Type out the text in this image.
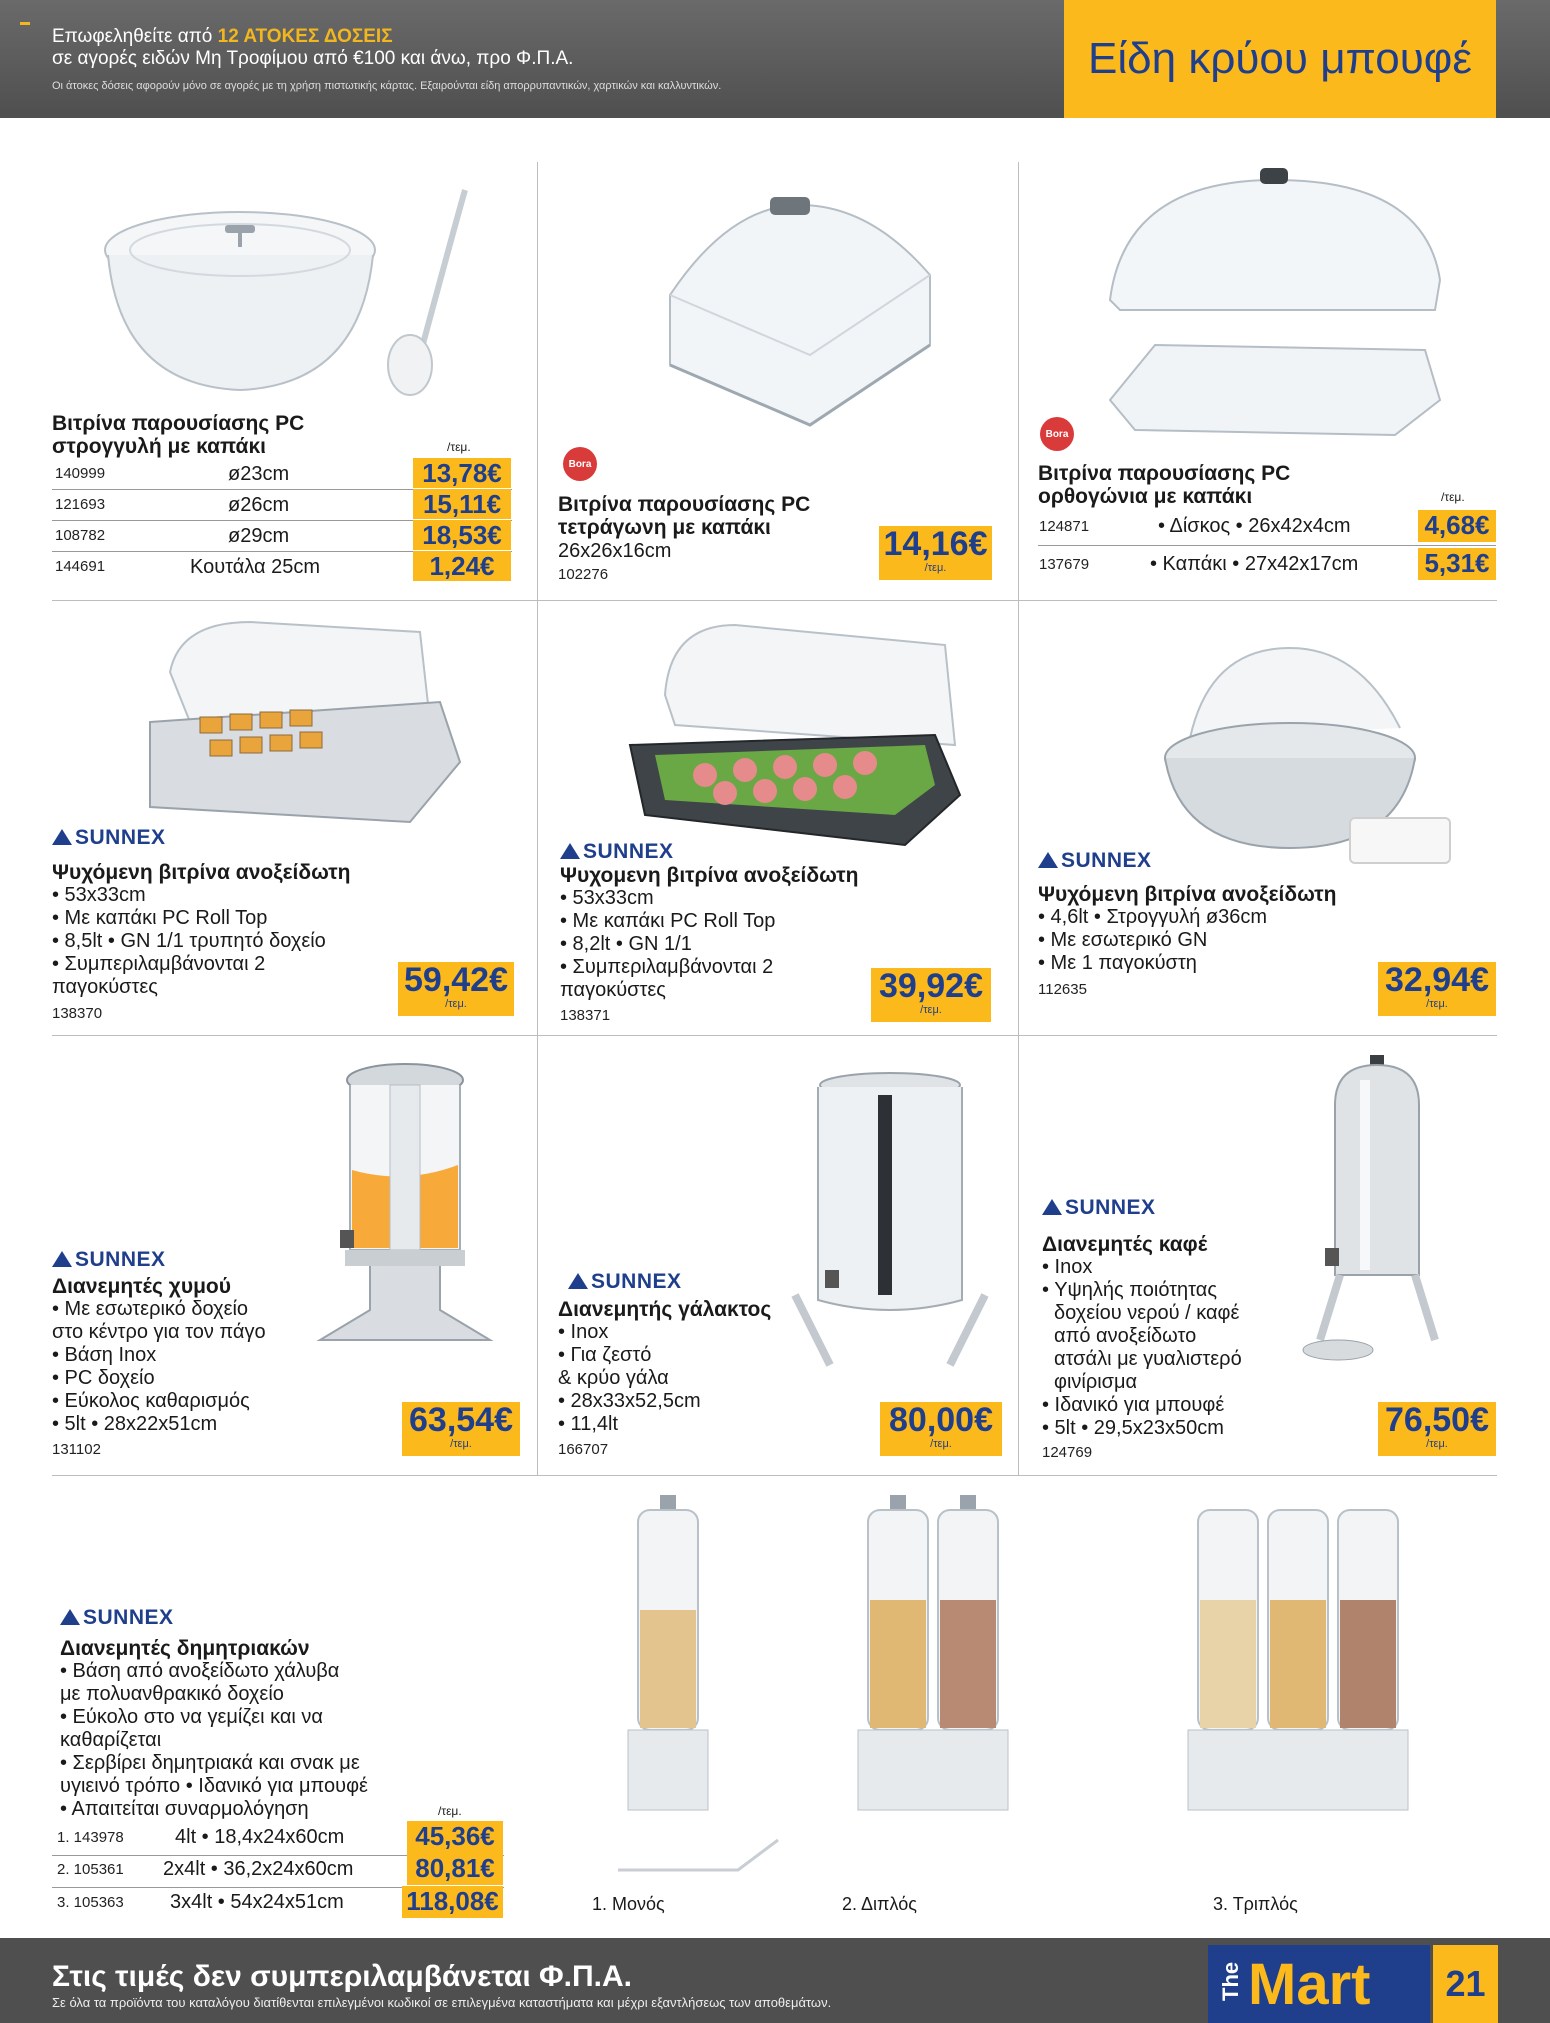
Επωφεληθείτε από 12 ΑΤΟΚΕΣ ΔΟΣΕΙΣ
σε αγορές ειδών Μη Τροφίμου από €100 και άνω, προ Φ.Π.Α.
Οι άτοκες δόσεις αφορούν μόνο σε αγορές με τη χρήση πιστωτικής κάρτας. Εξαιρούνται είδη απορρυπαντικών, χαρτικών και καλλυντικών.
Είδη κρύου μπουφέ
Βιτρίνα παρουσίασης PC
στρογγυλή με καπάκι	/τεμ.
140999	ø23cm	13,78€
121693	ø26cm	15,11€
108782	ø29cm	18,53€
144691	Κουτάλα 25cm	1,24€
Bora
Βιτρίνα παρουσίασης PC
τετράγωνη με καπάκι
26x26x16cm
102276
14,16€
/τεμ.
Bora
Βιτρίνα παρουσίασης PC
ορθογώνια με καπάκι	/τεμ.
124871	• Δίσκος • 26x42x4cm	4,68€
137679	• Καπάκι • 27x42x17cm	5,31€
SUNNEX
Ψυχόμενη βιτρίνα ανοξείδωτη
• 53x33cm
• Με καπάκι PC Roll Top
• 8,5lt • GN 1/1 τρυπητό δοχείο
• Συμπεριλαμβάνονται 2
παγοκύστες
138370
59,42€
/τεμ.
SUNNEX
Ψυχομενη βιτρίνα ανοξείδωτη
• 53x33cm
• Με καπάκι PC Roll Top
• 8,2lt • GN 1/1
• Συμπεριλαμβάνονται 2
παγοκύστες
138371
39,92€
/τεμ.
SUNNEX
Ψυχόμενη βιτρίνα ανοξείδωτη
• 4,6lt • Στρογγυλή ø36cm
• Με εσωτερικό GN
• Με 1 παγοκύστη
112635	32,94€
/τεμ.
SUNNEX
Διανεμητές χυμού
• Με εσωτερικό δοχείο
στο κέντρο για τον πάγο
• Βάση Inox
• PC δοχείο
• Εύκολος καθαρισμός
• 5lt • 28x22x51cm
131102
63,54€
/τεμ.
SUNNEX
Διανεμητής γάλακτος
• Inox
• Για ζεστό
& κρύο γάλα
• 28x33x52,5cm
• 11,4lt
166707
80,00€
/τεμ.
SUNNEX
Διανεμητές καφέ
• Inox
• Υψηλής ποιότητας
δοχείου νερού / καφέ
από ανοξείδωτο
ατσάλι με γυαλιστερό
φινίρισμα
• Ιδανικό για μπουφέ
• 5lt • 29,5x23x50cm
124769
76,50€
/τεμ.
SUNNEX
Διανεμητές δημητριακών
• Βάση από ανοξείδωτο χάλυβα
με πολυανθρακικό δοχείο
• Εύκολο στο να γεμίζει και να
καθαρίζεται
• Σερβίρει δημητριακά και σνακ με
υγιεινό τρόπο • Ιδανικό για μπουφέ
• Απαιτείται συναρμολόγηση	/τεμ.
1. 143978	4lt • 18,4x24x60cm	45,36€
2. 105361 2x4lt • 36,2x24x60cm	80,81€
3. 105363 3x4lt • 54x24x51cm 118,08€	1. Μονός	2. Διπλός	3. Τριπλός
Στις τιμές δεν συμπεριλαμβάνεται Φ.Π.Α.
Σε όλα τα προϊόντα του καταλόγου διατίθενται επιλεγμένοι κωδικοί σε επιλεγμένα καταστήματα και μέχρι εξαντλήσεως των αποθεμάτων.
The Mart	21
